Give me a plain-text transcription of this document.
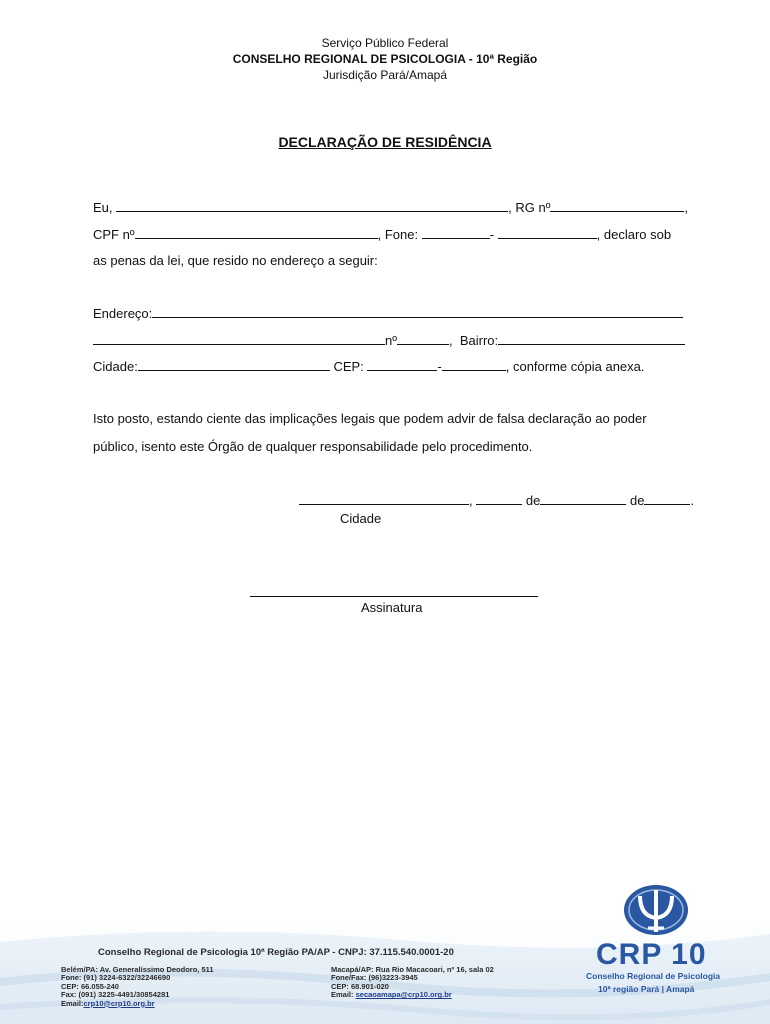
Serviço Público Federal
CONSELHO REGIONAL DE PSICOLOGIA - 10ª Região
Jurisdição Pará/Amapá
DECLARAÇÃO DE RESIDÊNCIA
Eu,	, RG nº	,
CPF nº	, Fone:	-	, declaro sob
as penas da lei, que resido no endereço a seguir:
Endereço:
nº	,  Bairro:
Cidade:	CEP:	-	, conforme cópia anexa.
Isto posto, estando ciente das implicações legais que podem advir de falsa declaração ao poder
público, isento este Órgão de qualquer responsabilidade pelo procedimento.
,	de	de	.
Cidade
Assinatura
Conselho Regional de Psicologia 10ª Região PA/AP - CNPJ: 37.115.540.0001-20
Belém/PA: Av. Generalíssimo Deodoro, 511
Fone: (91) 3224-6322/32246690
CEP: 66.055-240
Fax: (091) 3225-4491/30854281
Email:crp10@crp10.org.br
Macapá/AP: Rua Rio Macacoari, nº 16, sala 02
Fone/Fax: (96)3223-3945
CEP: 68.901-020
Email: secaoamapa@crp10.org.br
CRP 10
Conselho Regional de Psicologia
10ª região Pará | Amapá
